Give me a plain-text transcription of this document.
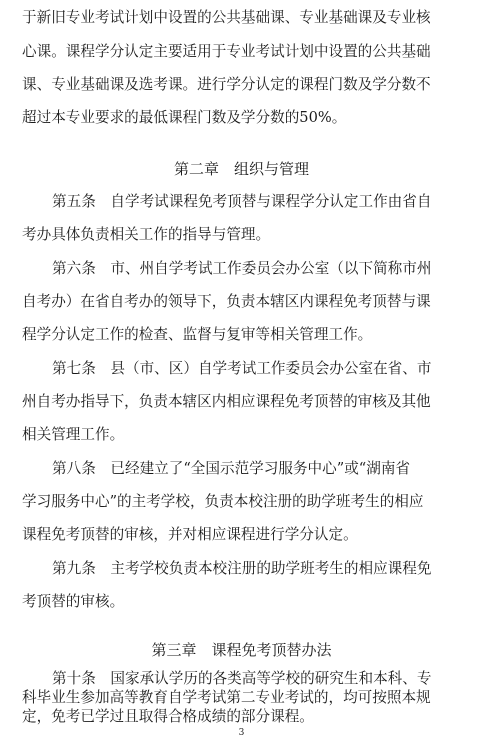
于新旧专业考试计划中设置的公共基础课、专业基础课及专业核
心课。课程学分认定主要适用于专业考试计划中设置的公共基础
课、专业基础课及选考课。进行学分认定的课程门数及学分数不
超过本专业要求的最低课程门数及学分数的50%。
第二章　组织与管理
第五条　自学考试课程免考顶替与课程学分认定工作由省自
考办具体负责相关工作的指导与管理。
第六条　市、州自学考试工作委员会办公室（以下简称市州
自考办）在省自考办的领导下，负责本辖区内课程免考顶替与课
程学分认定工作的检查、监督与复审等相关管理工作。
第七条　县（市、区）自学考试工作委员会办公室在省、市
州自考办指导下，负责本辖区内相应课程免考顶替的审核及其他
相关管理工作。
第八条　已经建立了“全国示范学习服务中心”或“湖南省
学习服务中心”的主考学校，负责本校注册的助学班考生的相应
课程免考顶替的审核，并对相应课程进行学分认定。
第九条　主考学校负责本校注册的助学班考生的相应课程免
考顶替的审核。
第三章　课程免考顶替办法
第十条　国家承认学历的各类高等学校的研究生和本科、专
科毕业生参加高等教育自学考试第二专业考试的，均可按照本规
定，免考已学过且取得合格成绩的部分课程。
3
